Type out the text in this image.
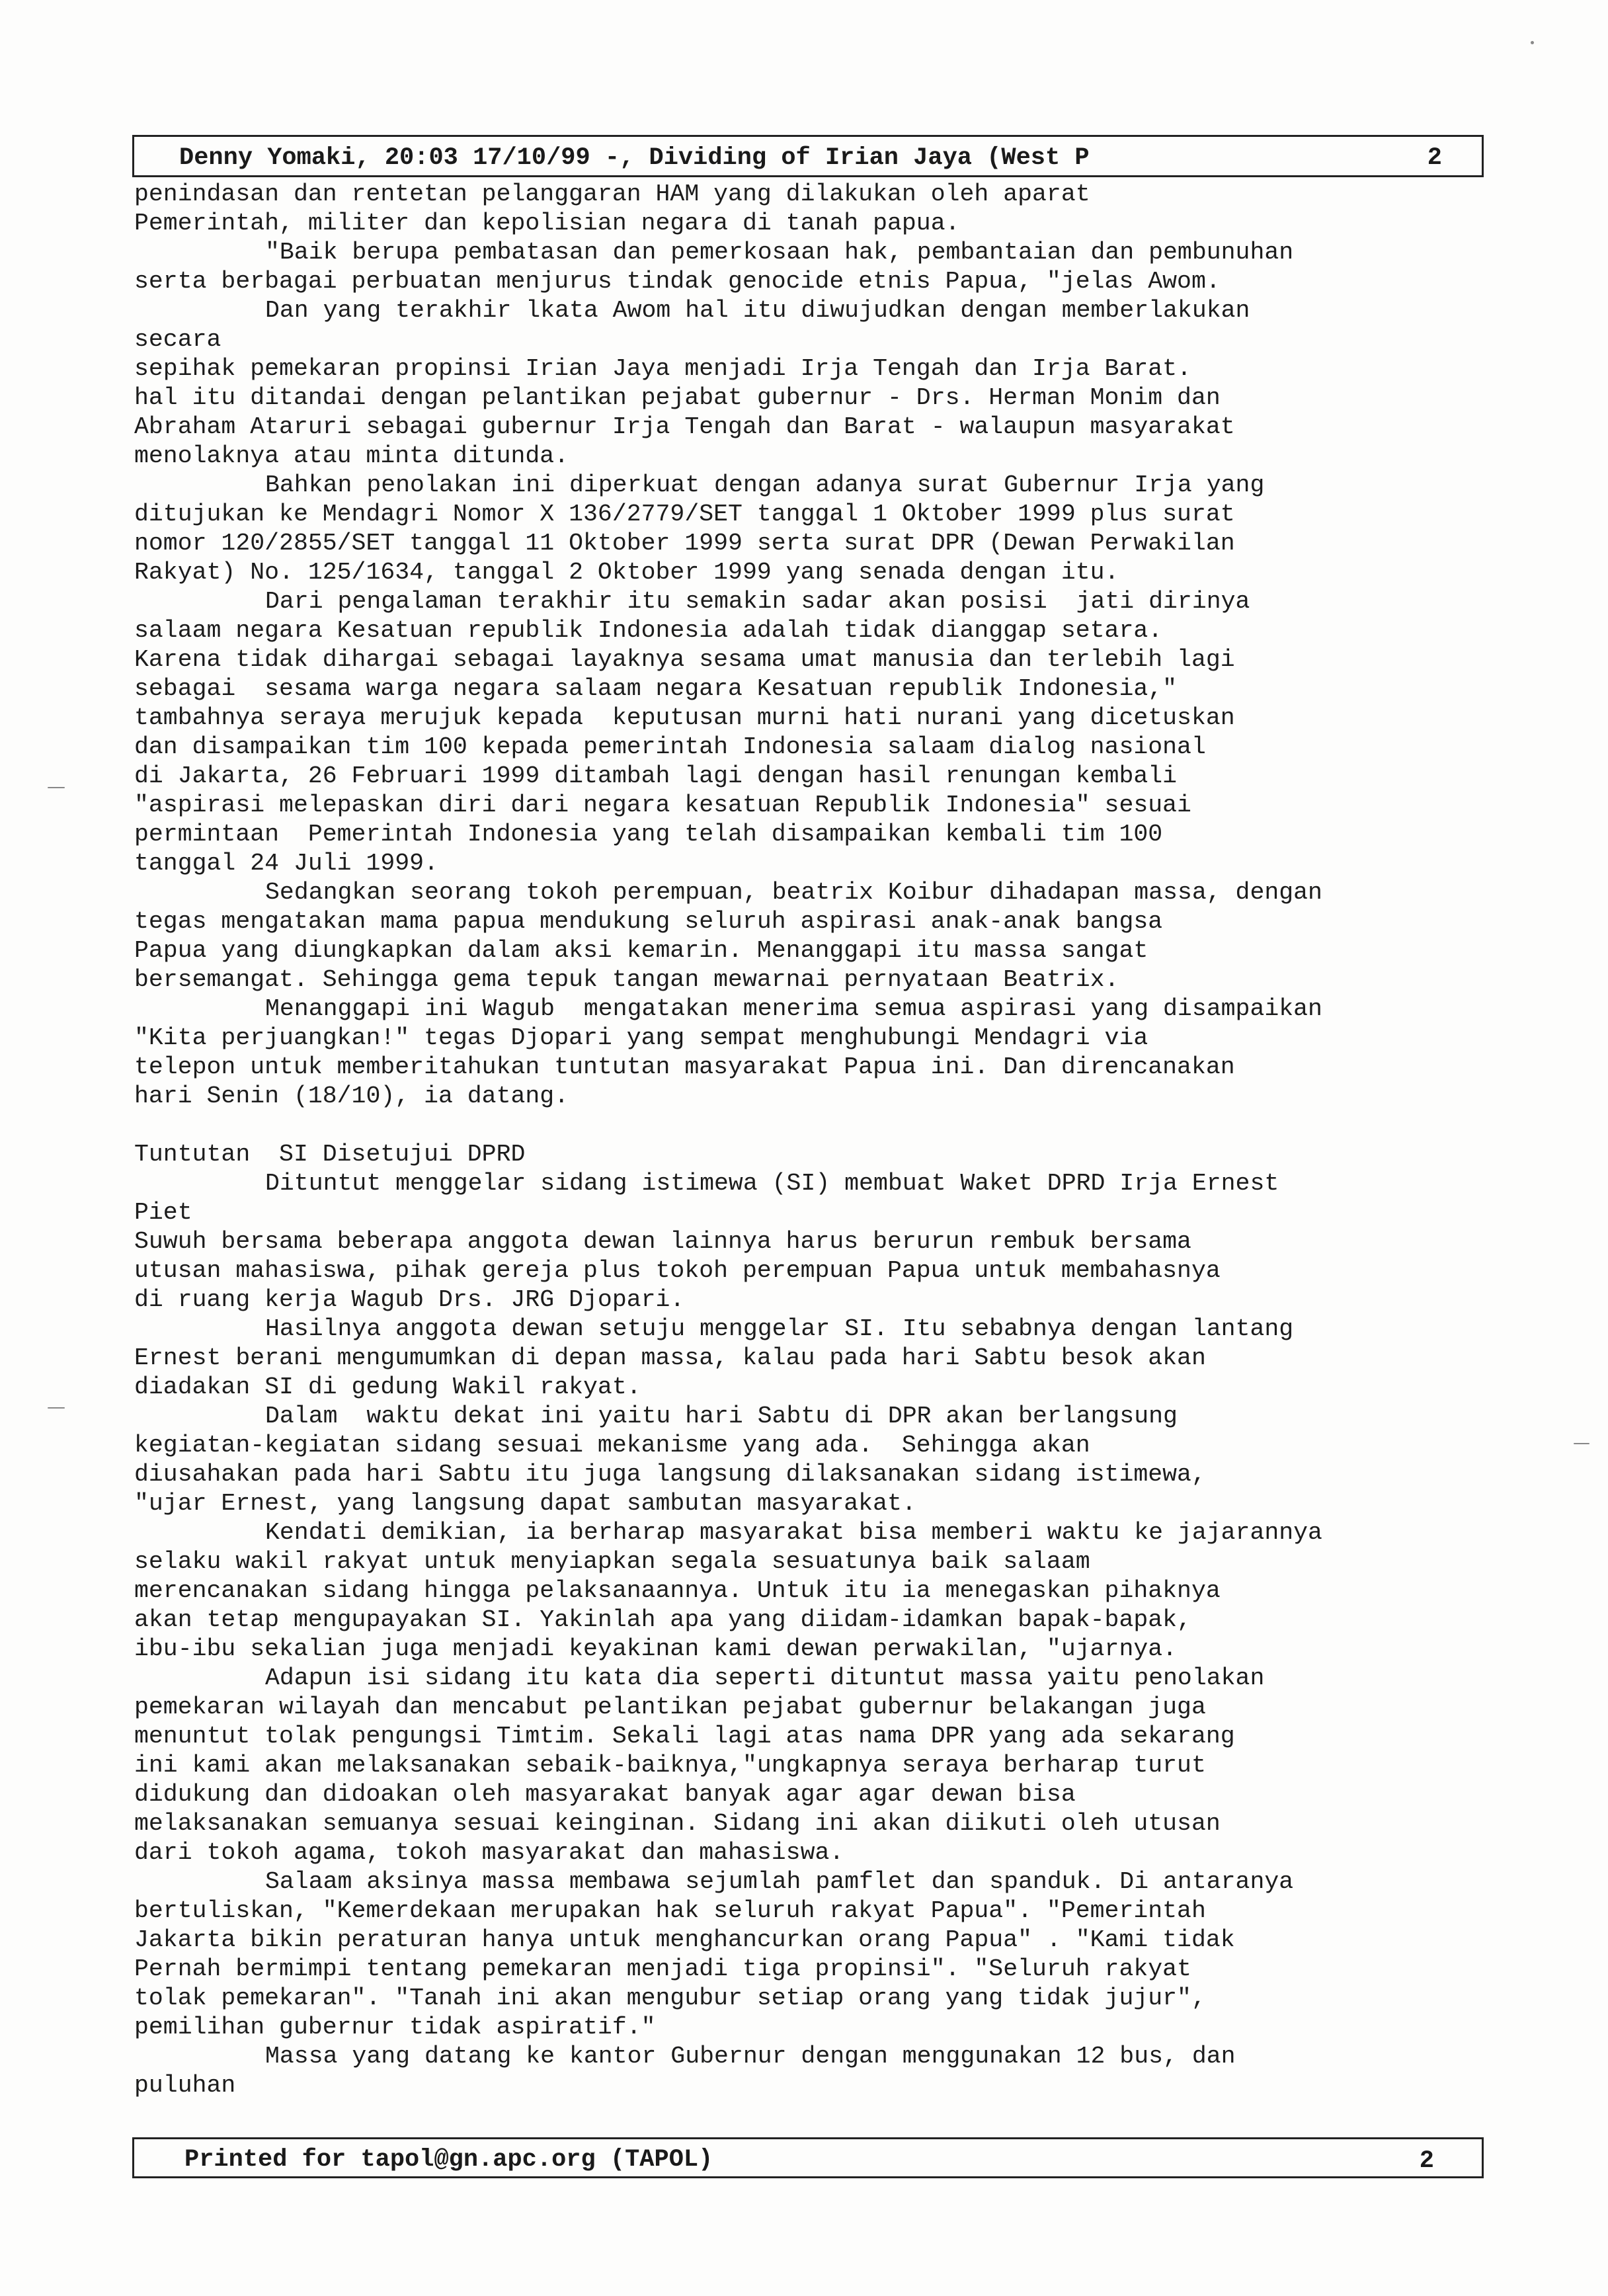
Denny Yomaki, 20:03 17/10/99 -, Dividing of Irian Jaya (West P	2
penindasan dan rentetan pelanggaran HAM yang dilakukan oleh aparat
Pemerintah, militer dan kepolisian negara di tanah papua.
"Baik berupa pembatasan dan pemerkosaan hak, pembantaian dan pembunuhan
serta berbagai perbuatan menjurus tindak genocide etnis Papua, "jelas Awom.
Dan yang terakhir lkata Awom hal itu diwujudkan dengan memberlakukan
secara
sepihak pemekaran propinsi Irian Jaya menjadi Irja Tengah dan Irja Barat.
hal itu ditandai dengan pelantikan pejabat gubernur - Drs. Herman Monim dan
Abraham Atаruri sebagai gubernur Irja Tengah dan Barat - walaupun masyarakat
menolaknya atau minta ditunda.
Bahkan penolakan ini diperkuat dengan adanya surat Gubernur Irja yang
ditujukan ke Mendagri Nomor X 136/2779/SET tanggal 1 Oktober 1999 plus surat
nomor 120/2855/SET tanggal 11 Oktober 1999 serta surat DPR (Dewan Perwakilan
Rakyat) No. 125/1634, tanggal 2 Oktober 1999 yang senada dengan itu.
Dari pengalaman terakhir itu semakin sadar akan posisi  jati dirinya
salaam negara Kesatuan republik Indonesia adalah tidak dianggap setara.
Karena tidak dihargai sebagai layaknya sesama umat manusia dan terlebih lagi
sebagai  sesama warga negara salaam negara Kesatuan republik Indonesia,"
tambahnya seraya merujuk kepada  keputusan murni hati nurani yang dicetuskan
dan disampaikan tim 100 kepada pemerintah Indonesia salaam dialog nasional
di Jakarta, 26 Februari 1999 ditambah lagi dengan hasil renungan kembali
"aspirasi melepaskan diri dari negara kesatuan Republik Indonesia" sesuai
permintaan  Pemerintah Indonesia yang telah disampaikan kembali tim 100
tanggal 24 Juli 1999.
Sedangkan seorang tokoh perempuan, beatrix Koibur dihadapan massa, dengan
tegas mengatakan mama papua mendukung seluruh aspirasi anak-anak bangsa
Papua yang diungkapkan dalam aksi kemarin. Menanggapi itu massa sangat
bersemangat. Sehingga gema tepuk tangan mewarnai pernyataan Beatrix.
Menanggapi ini Wagub  mengatakan menerima semua aspirasi yang disampaikan
"Kita perjuangkan!" tegas Djopari yang sempat menghubungi Mendagri via
telepon untuk memberitahukan tuntutan masyarakat Papua ini. Dan direncanakan
hari Senin (18/10), ia datang.
Tuntutan  SI Disetujui DPRD
Dituntut menggelar sidang istimewa (SI) membuat Waket DPRD Irja Ernest
Piet
Suwuh bersama beberapa anggota dewan lainnya harus berurun rembuk bersama
utusan mahasiswa, pihak gereja plus tokoh perempuan Papua untuk membahasnya
di ruang kerja Wagub Drs. JRG Djopari.
Hasilnya anggota dewan setuju menggelar SI. Itu sebabnya dengan lantang
Ernest berani mengumumkan di depan massa, kalau pada hari Sabtu besok akan
diadakan SI di gedung Wakil rakyat.
Dalam  waktu dekat ini yaitu hari Sabtu di DPR akan berlangsung
kegiatan-kegiatan sidang sesuai mekanisme yang ada.  Sehingga akan
diusahakan pada hari Sabtu itu juga langsung dilaksanakan sidang istimewa,
"ujar Ernest, yang langsung dapat sambutan masyarakat.
Kendati demikian, ia berharap masyarakat bisa memberi waktu ke jajarannya
selaku wakil rakyat untuk menyiapkan segala sesuatunya baik salaam
merencanakan sidang hingga pelaksanaannya. Untuk itu ia menegaskan pihaknya
akan tetap mengupayakan SI. Yakinlah apa yang diidam-idamkan bapak-bapak,
ibu-ibu sekalian juga menjadi keyakinan kami dewan perwakilan, "ujarnya.
Adapun isi sidang itu kata dia seperti dituntut massa yaitu penolakan
pemekaran wilayah dan mencabut pelantikan pejabat gubernur belakangan juga
menuntut tolak pengungsi Timtim. Sekali lagi atas nama DPR yang ada sekarang
ini kami akan melaksanakan sebaik-baiknya,"ungkapnya seraya berharap turut
didukung dan didoakan oleh masyarakat banyak agar agar dewan bisa
melaksanakan semuanya sesuai keinginan. Sidang ini akan diikuti oleh utusan
dari tokoh agama, tokoh masyarakat dan mahasiswa.
Salaam aksinya massa membawa sejumlah pamflet dan spanduk. Di antaranya
bertuliskan, "Kemerdekaan merupakan hak seluruh rakyat Papua". "Pemerintah
Jakarta bikin peraturan hanya untuk menghancurkan orang Papua" . "Kami tidak
Pernah bermimpi tentang pemekaran menjadi tiga propinsi". "Seluruh rakyat
tolak pemekaran". "Tanah ini akan mengubur setiap orang yang tidak jujur",
pemilihan gubernur tidak aspiratif."
Massa yang datang ke kantor Gubernur dengan menggunakan 12 bus, dan
puluhan
Printed for tapol@gn.apc.org (TAPOL)	2
